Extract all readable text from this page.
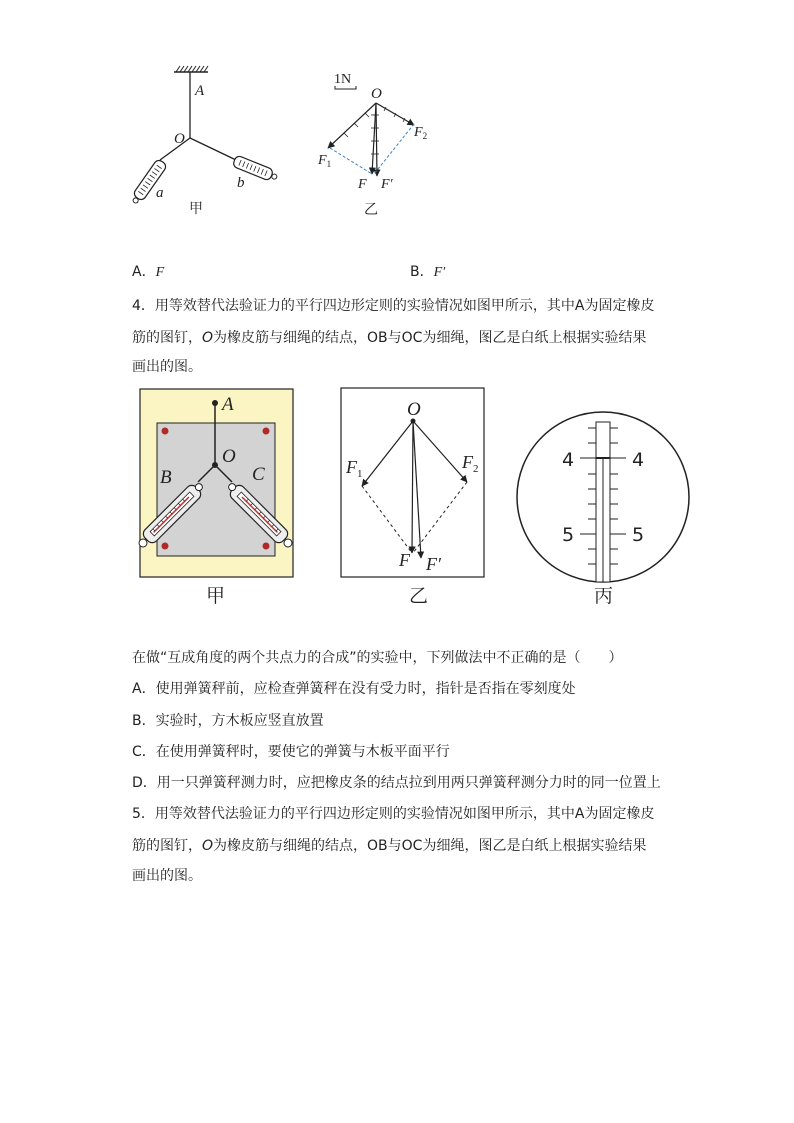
A
O
a
b
甲
1N
O
$F_1$
$F_2$
F F′
乙
A．F	B．F′
4．用等效替代法验证力的平行四边形定则的实验情况如图甲所示，其中A为固定橡皮
筋的图钉，O为橡皮筋与细绳的结点，OB与OC为细绳，图乙是白纸上根据实验结果
画出的图。
A
B
O
C
甲
O
$F_1$
$F_2$
F F′
乙
4	4
5	5
丙
在做“互成角度的两个共点力的合成”的实验中，下列做法中不正确的是（　　）
A．使用弹簧秤前，应检查弹簧秤在没有受力时，指针是否指在零刻度处
B．实验时，方木板应竖直放置
C．在使用弹簧秤时，要使它的弹簧与木板平面平行
D．用一只弹簧秤测力时，应把橡皮条的结点拉到用两只弹簧秤测分力时的同一位置上
5．用等效替代法验证力的平行四边形定则的实验情况如图甲所示，其中A为固定橡皮
筋的图钉，O为橡皮筋与细绳的结点，OB与OC为细绳，图乙是白纸上根据实验结果
画出的图。
